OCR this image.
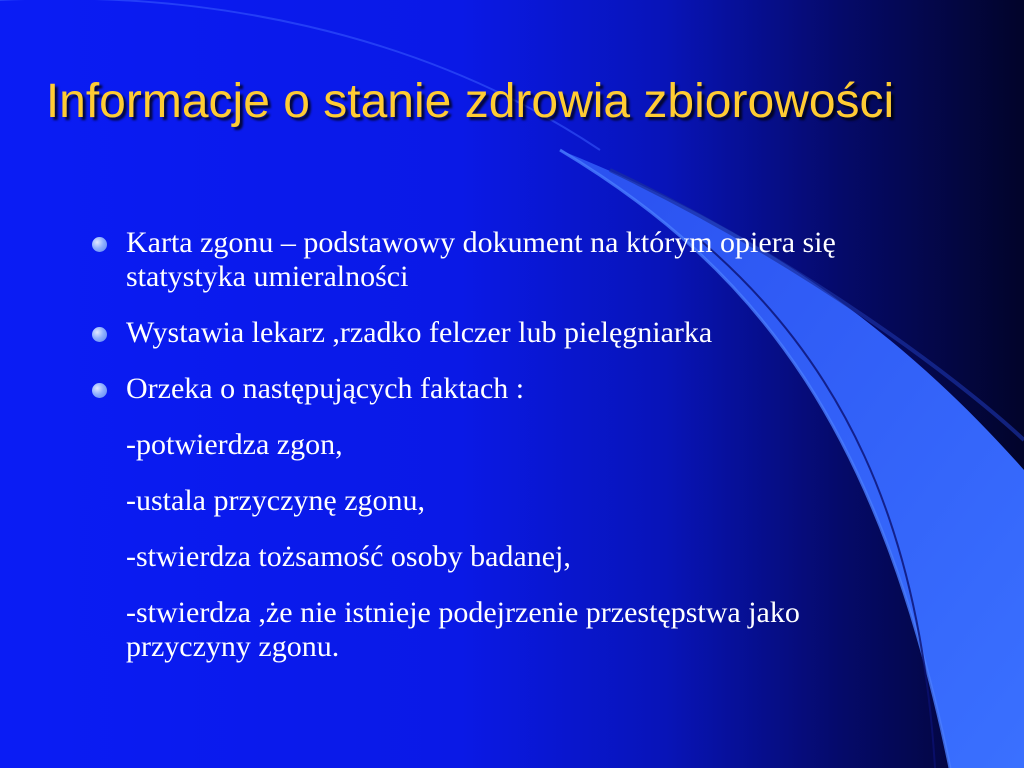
Informacje o stanie zdrowia zbiorowości
Karta zgonu – podstawowy dokument na którym opiera się statystyka umieralności
Wystawia lekarz ,rzadko felczer lub pielęgniarka
Orzeka o następujących faktach :
-potwierdza zgon,
-ustala przyczynę zgonu,
-stwierdza tożsamość osoby badanej,
-stwierdza ,że nie istnieje podejrzenie przestępstwa jako przyczyny zgonu.
